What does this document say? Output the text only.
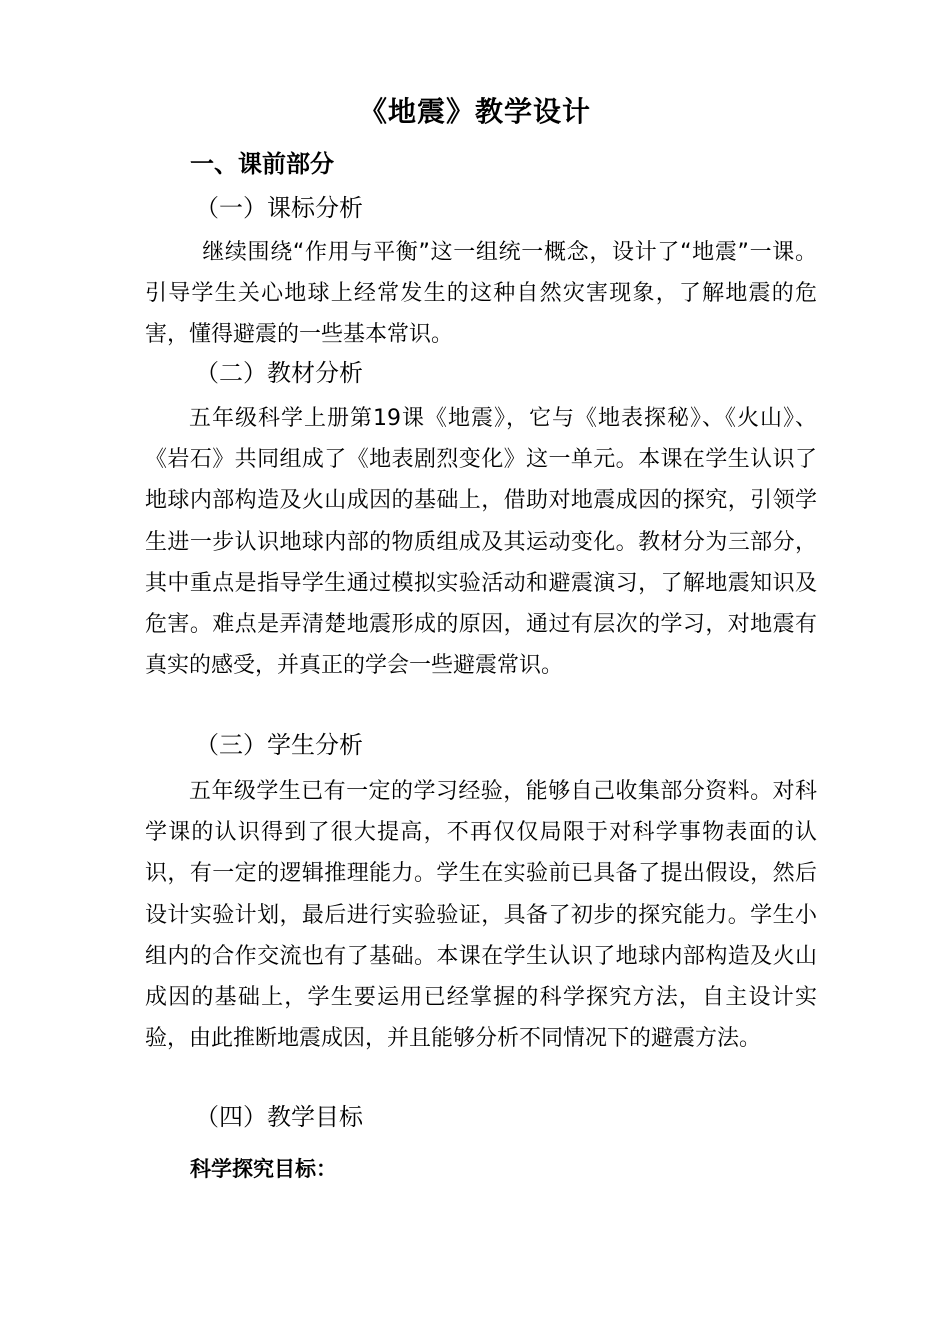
《地震》教学设计
一、课前部分
（一）课标分析

继续围绕“作用与平衡”这一组统一概念，设计了“地震”一课。引导学生关心地球上经常发生的这种自然灾害现象，了解地震的危害，懂得避震的一些基本常识。

（二）教材分析

五年级科学上册第19课《地震》，它与《地表探秘》、《火山》、《岩石》共同组成了《地表剧烈变化》这一单元。本课在学生认识了地球内部构造及火山成因的基础上，借助对地震成因的探究，引领学生进一步认识地球内部的物质组成及其运动变化。教材分为三部分，其中重点是指导学生通过模拟实验活动和避震演习，了解地震知识及危害。难点是弄清楚地震形成的原因，通过有层次的学习，对地震有真实的感受，并真正的学会一些避震常识。

（三）学生分析

五年级学生已有一定的学习经验，能够自己收集部分资料。对科学课的认识得到了很大提高，不再仅仅局限于对科学事物表面的认识，有一定的逻辑推理能力。学生在实验前已具备了提出假设，然后设计实验计划，最后进行实验验证，具备了初步的探究能力。学生小组内的合作交流也有了基础。本课在学生认识了地球内部构造及火山成因的基础上，学生要运用已经掌握的科学探究方法，自主设计实验，由此推断地震成因，并且能够分析不同情况下的避震方法。

（四）教学目标
科学探究目标：
